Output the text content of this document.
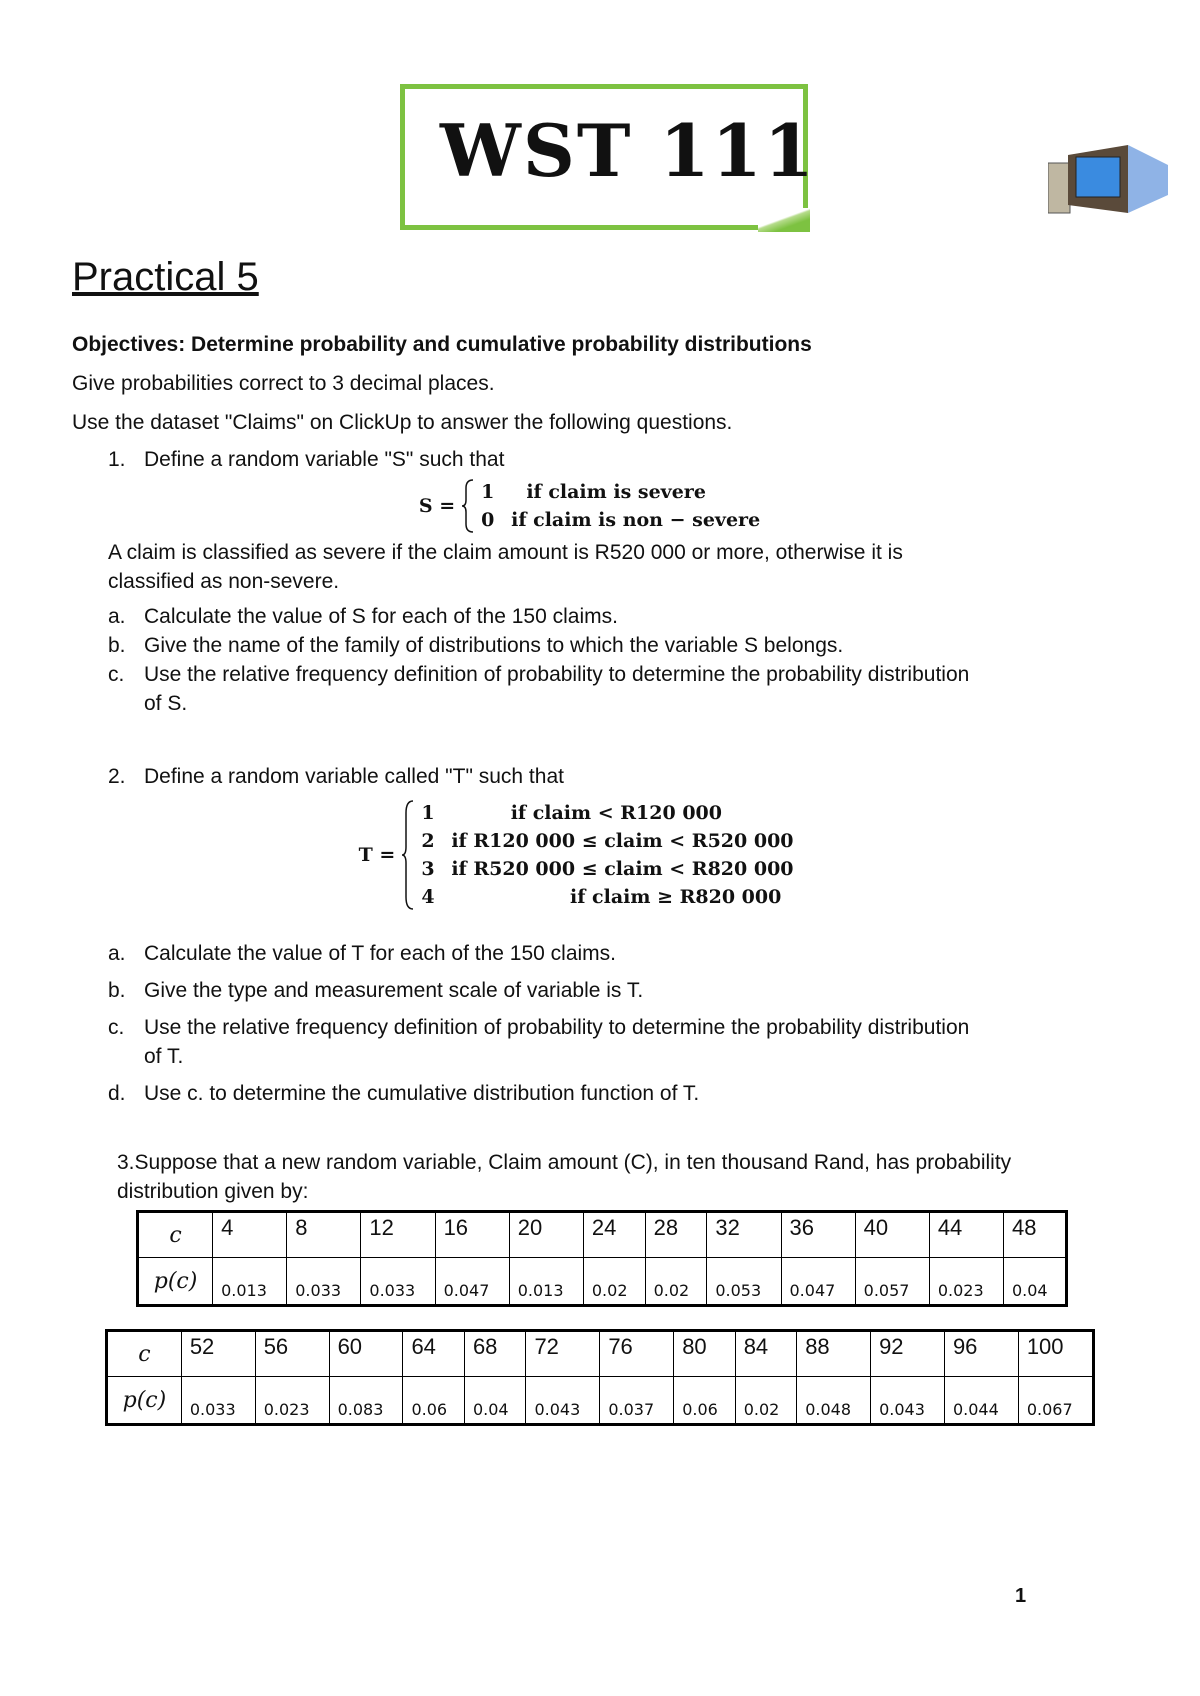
WST 111
Practical 5
Objectives: Determine probability and cumulative probability distributions
Give probabilities correct to 3 decimal places.
Use the dataset "Claims" on ClickUp to answer the following questions.
1. Define a random variable "S" such that
S =
1	if claim is severe
0 if claim is non − severe
A claim is classified as severe if the claim amount is R520 000 or more, otherwise it is classified as non-severe.
a. Calculate the value of S for each of the 150 claims.
b. Give the name of the family of distributions to which the variable S belongs.
c. Use the relative frequency definition of probability to determine the probability distribution of S.
2. Define a random variable called "T" such that
T =
1	if claim < R120 000
2 if R120 000 ≤ claim < R520 000
3 if R520 000 ≤ claim < R820 000
4	if claim ≥ R820 000
a. Calculate the value of T for each of the 150 claims.
b. Give the type and measurement scale of variable is T.
c. Use the relative frequency definition of probability to determine the probability distribution of T.
d. Use c. to determine the cumulative distribution function of T.
3.Suppose that a new random variable, Claim amount (C), in ten thousand Rand, has probability distribution given by:
c	4	8	12	16	20	24	28	32	36	40	44	48
p(c)	0.013	0.033	0.033	0.047	0.013	0.02	0.02	0.053	0.047	0.057	0.023	0.04
c	52	56	60	64	68	72	76	80	84	88	92	96	100
p(c)	0.033	0.023	0.083	0.06	0.04	0.043	0.037	0.06	0.02	0.048	0.043	0.044	0.067
1
